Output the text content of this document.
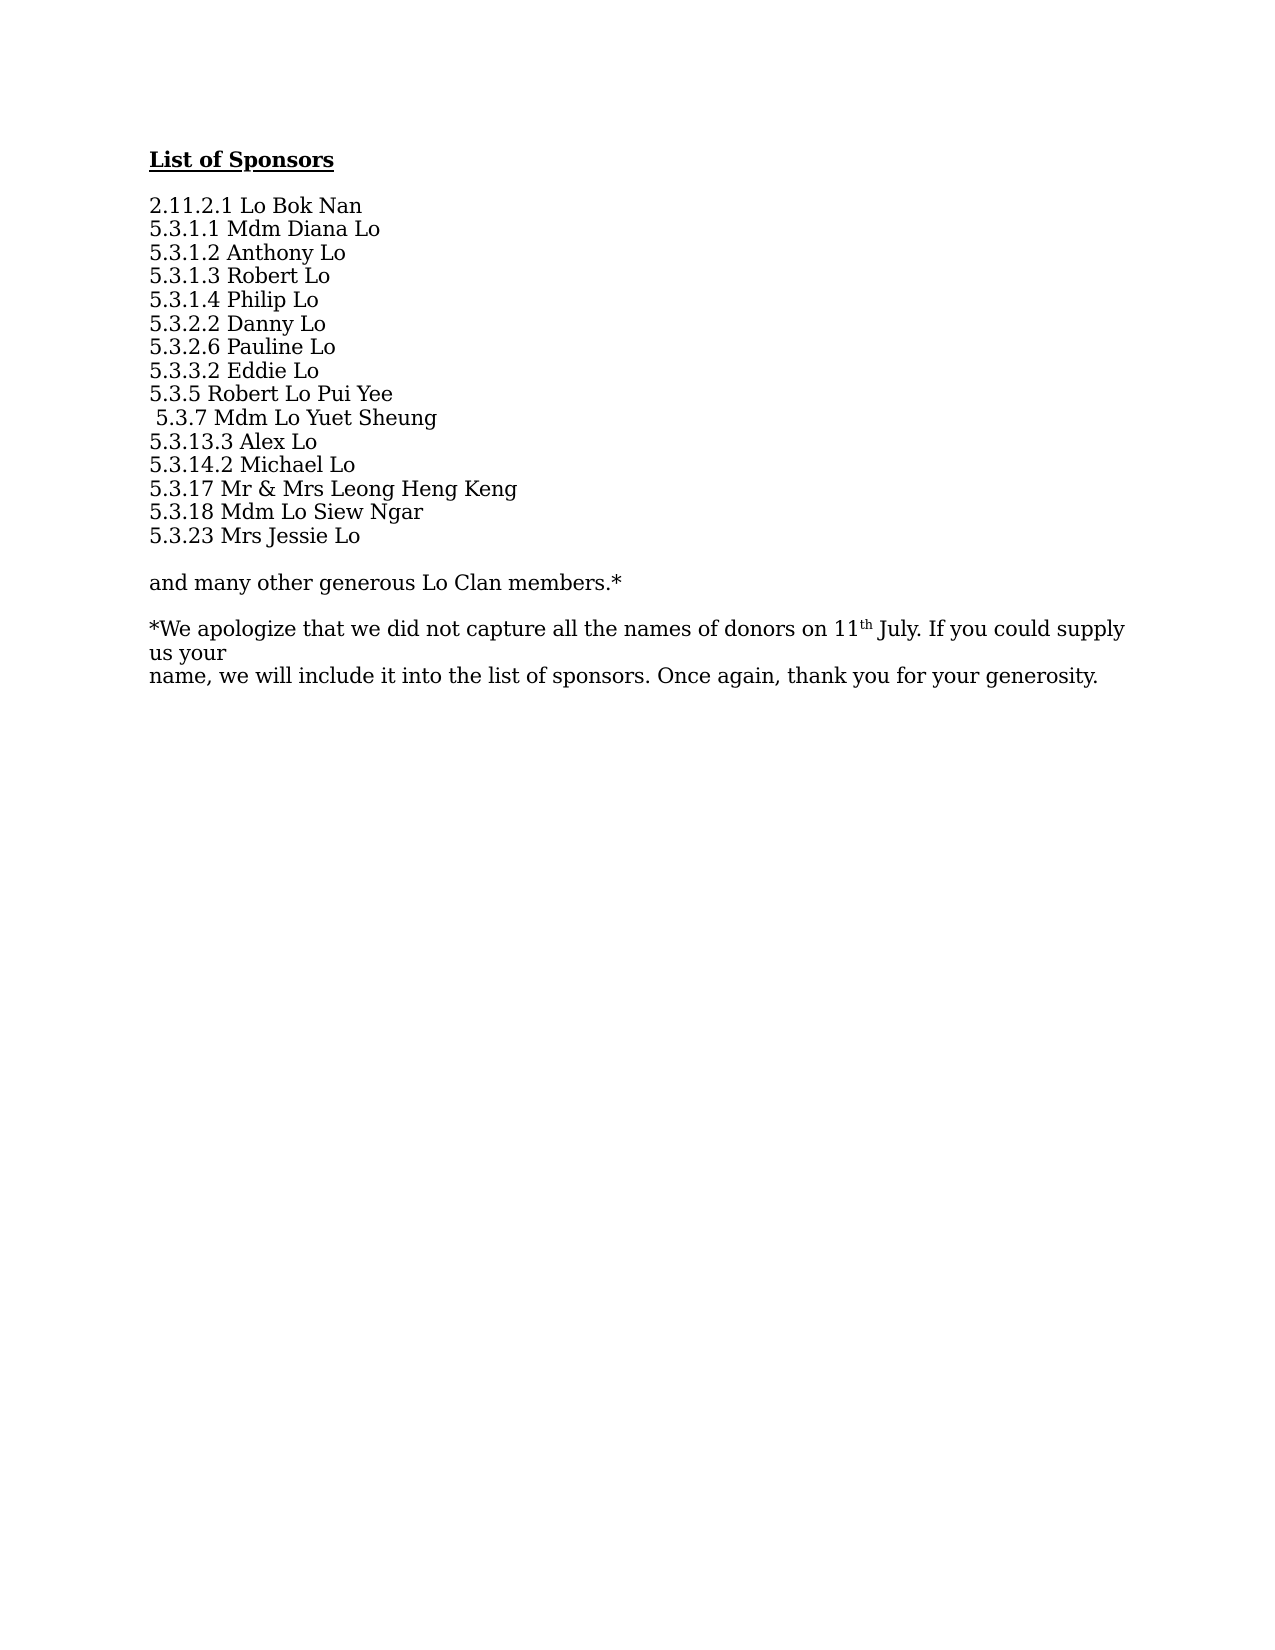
List of Sponsors
2.11.2.1 Lo Bok Nan
5.3.1.1 Mdm Diana Lo
5.3.1.2 Anthony Lo
5.3.1.3 Robert Lo
5.3.1.4 Philip Lo
5.3.2.2 Danny Lo
5.3.2.6 Pauline Lo
5.3.3.2 Eddie Lo
5.3.5 Robert Lo Pui Yee
5.3.7 Mdm Lo Yuet Sheung
5.3.13.3 Alex Lo
5.3.14.2 Michael Lo
5.3.17 Mr & Mrs Leong Heng Keng
5.3.18 Mdm Lo Siew Ngar
5.3.23 Mrs Jessie Lo

and many other generous Lo Clan members.*

*We apologize that we did not capture all the names of donors on 11th July. If you could supply us your
name, we will include it into the list of sponsors. Once again, thank you for your generosity.
